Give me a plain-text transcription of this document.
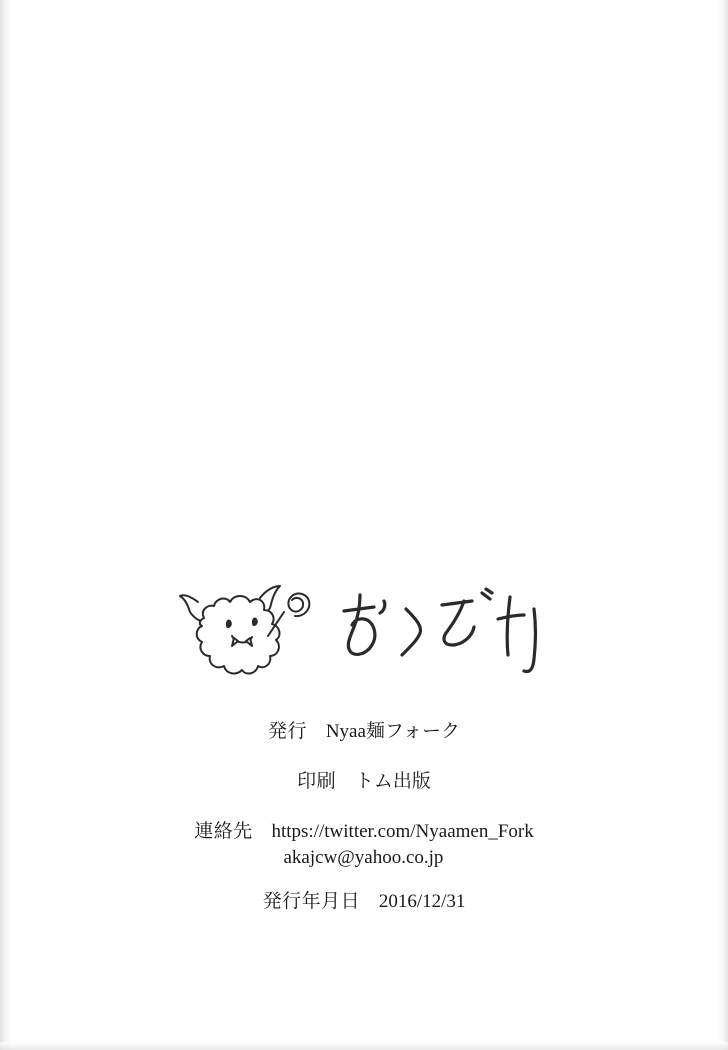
発行 Nyaa麺フォーク
印刷 トム出版
連絡先 https://twitter.com/Nyaamen_Fork
akajcw@yahoo.co.jp
発行年月日 2016/12/31
